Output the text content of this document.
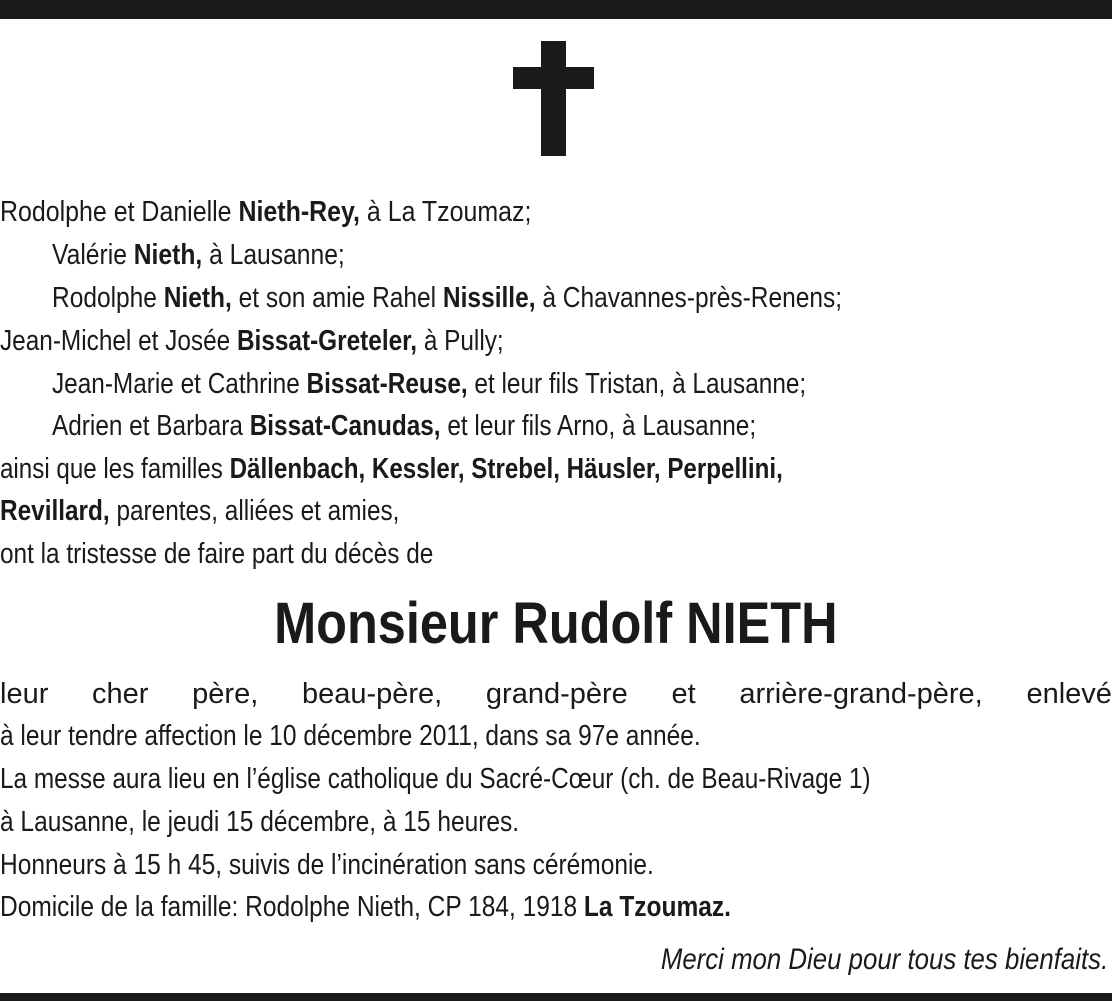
Rodolphe et Danielle Nieth-Rey, à La Tzoumaz;
Valérie Nieth, à Lausanne;
Rodolphe Nieth, et son amie Rahel Nissille, à Chavannes-près-Renens;
Jean-Michel et Josée Bissat-Greteler, à Pully;
Jean-Marie et Cathrine Bissat-Reuse, et leur fils Tristan, à Lausanne;
Adrien et Barbara Bissat-Canudas, et leur fils Arno, à Lausanne;
ainsi que les familles Dällenbach, Kessler, Strebel, Häusler, Perpellini,
Revillard, parentes, alliées et amies,
ont la tristesse de faire part du décès de
Monsieur Rudolf NIETH
leur cher père, beau-père, grand-père et arrière-grand-père, enlevé
à leur tendre affection le 10 décembre 2011, dans sa 97e année.
La messe aura lieu en l’église catholique du Sacré-Cœur (ch. de Beau-Rivage 1)
à Lausanne, le jeudi 15 décembre, à 15 heures.
Honneurs à 15 h 45, suivis de l’incinération sans cérémonie.
Domicile de la famille: Rodolphe Nieth, CP 184, 1918 La Tzoumaz.
Merci mon Dieu pour tous tes bienfaits.
